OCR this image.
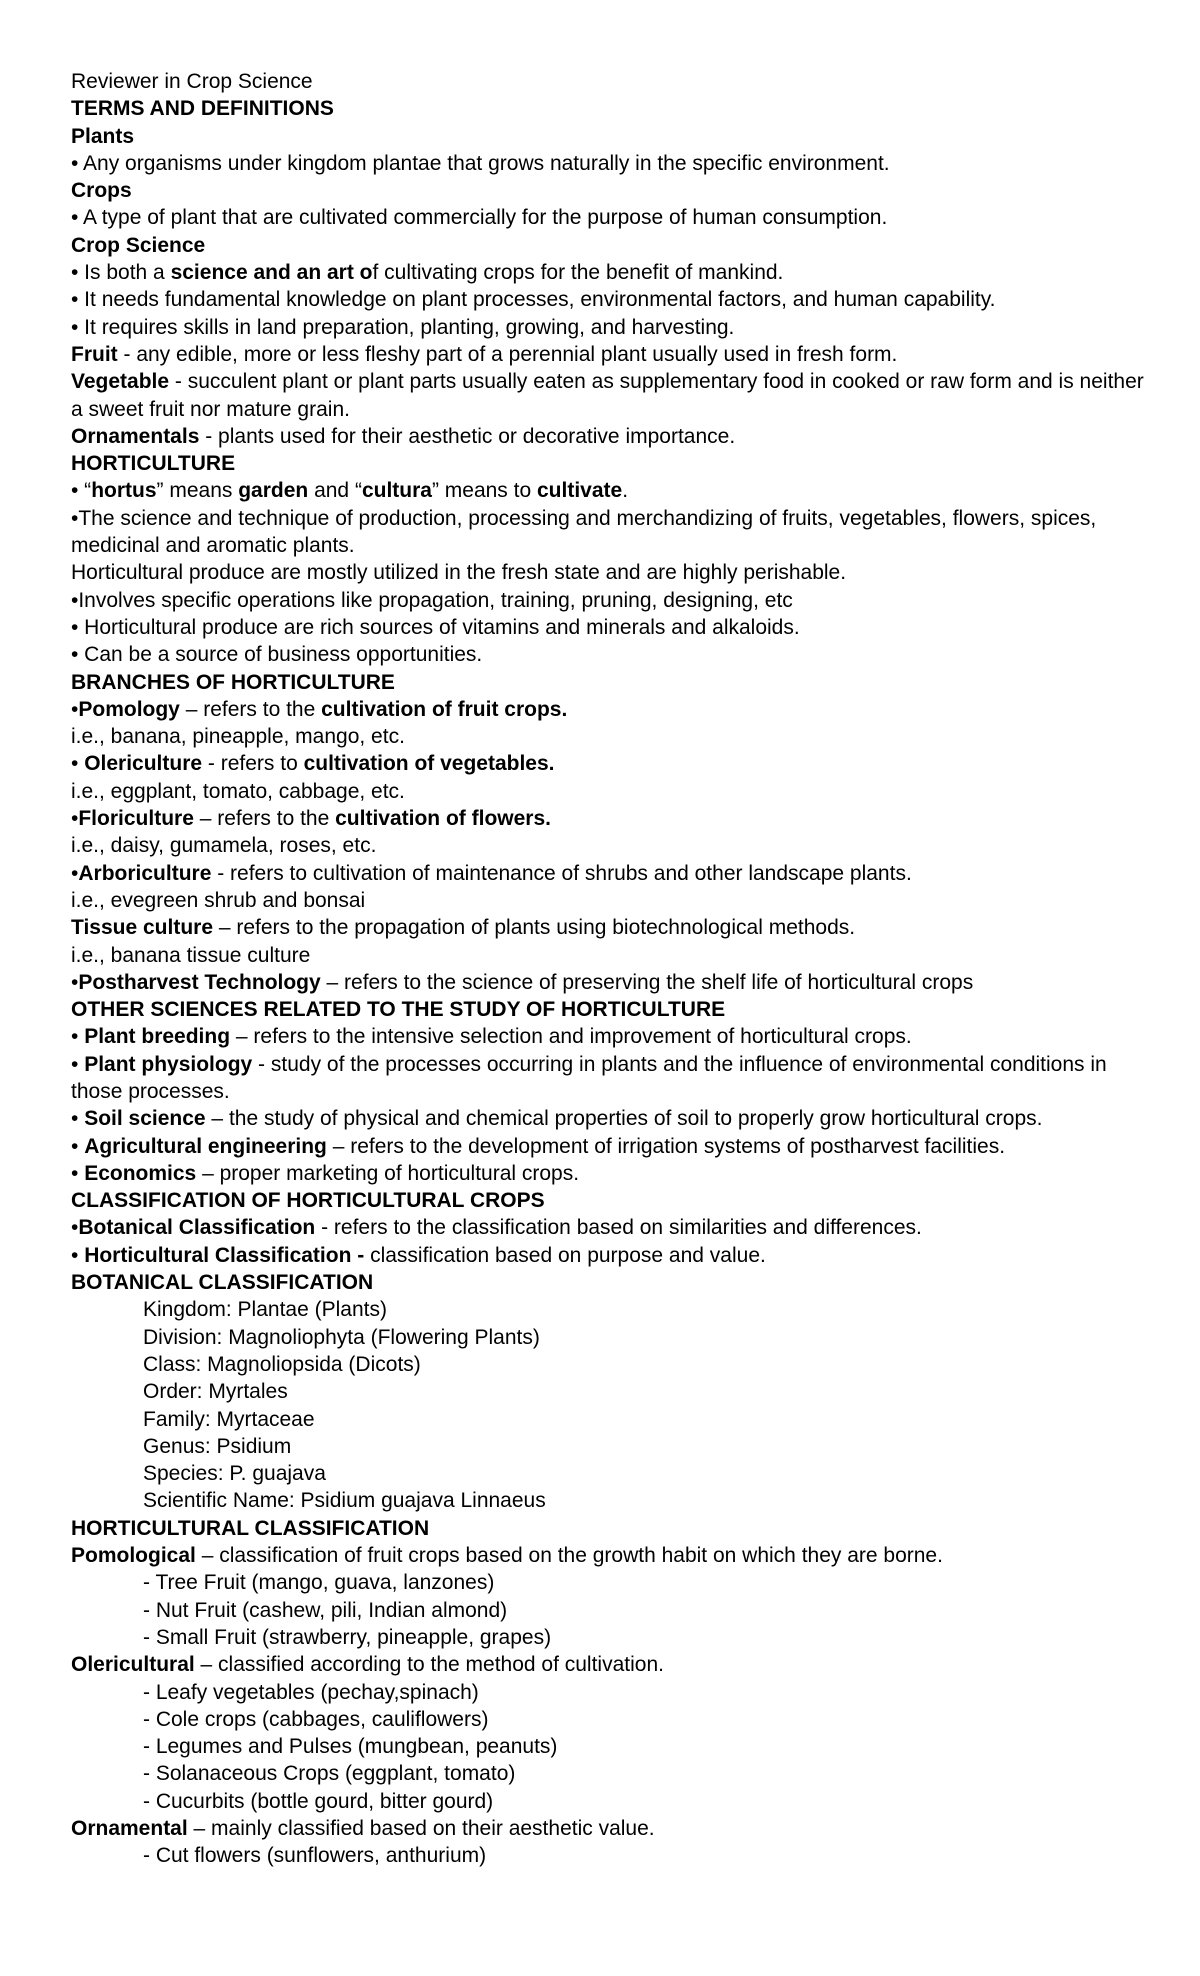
Reviewer in Crop Science

TERMS AND DEFINITIONS

Plants

• Any organisms under kingdom plantae that grows naturally in the specific environment.

Crops

• A type of plant that are cultivated commercially for the purpose of human consumption.

Crop Science

• Is both a science and an art of cultivating crops for the benefit of mankind.

• It needs fundamental knowledge on plant processes, environmental factors, and human capability.

• It requires skills in land preparation, planting, growing, and harvesting.

Fruit - any edible, more or less fleshy part of a perennial plant usually used in fresh form.

Vegetable - succulent plant or plant parts usually eaten as supplementary food in cooked or raw form and is neither a sweet fruit nor mature grain.

Ornamentals - plants used for their aesthetic or decorative importance.

HORTICULTURE

• “hortus” means garden and “cultura” means to cultivate.

•The science and technique of production, processing and merchandizing of fruits, vegetables, flowers, spices, medicinal and aromatic plants.

Horticultural produce are mostly utilized in the fresh state and are highly perishable.

•Involves specific operations like propagation, training, pruning, designing, etc

• Horticultural produce are rich sources of vitamins and minerals and alkaloids.

• Can be a source of business opportunities.

BRANCHES OF HORTICULTURE

•Pomology – refers to the cultivation of fruit crops.

i.e., banana, pineapple, mango, etc.

• Olericulture - refers to cultivation of vegetables.

i.e., eggplant, tomato, cabbage, etc.

•Floriculture – refers to the cultivation of flowers.

i.e., daisy, gumamela, roses, etc.

•Arboriculture - refers to cultivation of maintenance of shrubs and other landscape plants.

i.e., evegreen shrub and bonsai

Tissue culture – refers to the propagation of plants using biotechnological methods.

i.e., banana tissue culture

•Postharvest Technology – refers to the science of preserving the shelf life of horticultural crops

OTHER SCIENCES RELATED TO THE STUDY OF HORTICULTURE

• Plant breeding – refers to the intensive selection and improvement of horticultural crops.

• Plant physiology - study of the processes occurring in plants and the influence of environmental conditions in those processes.

• Soil science – the study of physical and chemical properties of soil to properly grow horticultural crops.

• Agricultural engineering – refers to the development of irrigation systems of postharvest facilities.

• Economics – proper marketing of horticultural crops.

CLASSIFICATION OF HORTICULTURAL CROPS

•Botanical Classification - refers to the classification based on similarities and differences.

• Horticultural Classification - classification based on purpose and value.

BOTANICAL CLASSIFICATION

Kingdom: Plantae (Plants)

Division: Magnoliophyta (Flowering Plants)

Class: Magnoliopsida (Dicots)

Order: Myrtales

Family: Myrtaceae

Genus: Psidium

Species: P. guajava

Scientific Name: Psidium guajava Linnaeus

HORTICULTURAL CLASSIFICATION

Pomological – classification of fruit crops based on the growth habit on which they are borne.

- Tree Fruit (mango, guava, lanzones)

- Nut Fruit (cashew, pili, Indian almond)

- Small Fruit (strawberry, pineapple, grapes)

Olericultural – classified according to the method of cultivation.

- Leafy vegetables (pechay,spinach)

- Cole crops (cabbages, cauliflowers)

- Legumes and Pulses (mungbean, peanuts)

- Solanaceous Crops (eggplant, tomato)

- Cucurbits (bottle gourd, bitter gourd)

Ornamental – mainly classified based on their aesthetic value.

- Cut flowers (sunflowers, anthurium)
